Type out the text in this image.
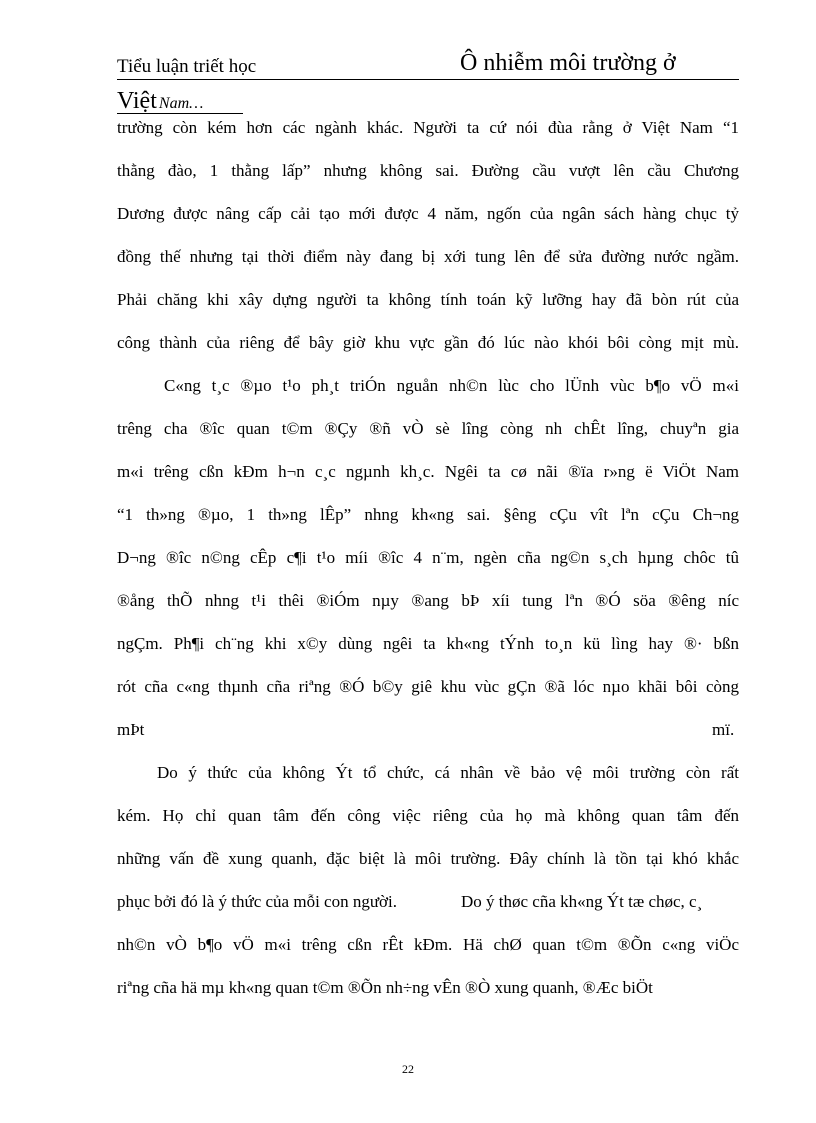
Tiểu luận triết học	Ô nhiễm môi trường ở
Việt Nam…
trường còn kém hơn các ngành khác. Người ta cứ nói đùa rằng ở Việt Nam “1
thằng đào, 1 thằng lấp” nhưng không sai. Đường cầu vượt lên cầu Chương
Dương được nâng cấp cải tạo mới được 4 năm, ngốn của ngân sách hàng chục tỷ
đồng thế nhưng tại thời điểm này đang bị xới tung lên để sửa đường nước ngầm.
Phải chăng khi xây dựng người ta không tính toán kỹ lưỡng hay đã bòn rút của
công thành của riêng để bây giờ khu vực gần đó lúc nào khói bôi còng mịt mù.
C«ng t¸c ®µo t¹o ph¸t triÓn nguån nh©n lùc cho lÜnh vùc b¶o vÖ m«i
trêng cha ®îc quan t©m ®Çy ®ñ vÒ sè lîng còng nh chÊt lîng, chuyªn gia
m«i trêng cßn kÐm h¬n c¸c ngµnh kh¸c. Ngêi ta cø nãi ®ïa r»ng ë ViÖt Nam
“1 th»ng ®µo, 1 th»ng lÊp” nhng kh«ng sai. §êng cÇu vît lªn cÇu Ch¬ng
D¬ng ®îc n©ng cÊp c¶i t¹o míi ®îc 4 n¨m, ngèn cña ng©n s¸ch hµng chôc tû
®ång thÕ nhng t¹i thêi ®iÓm nµy ®ang bÞ xíi tung lªn ®Ó söa ®êng níc
ngÇm. Ph¶i ch¨ng khi x©y dùng ngêi ta kh«ng tÝnh to¸n kü lìng hay ®· bßn
rót cña c«ng thµnh cña riªng ®Ó b©y giê khu vùc gÇn ®ã lóc nµo khãi bôi còng
mÞt	mï.
Do ý thức của không Ýt tổ chức, cá nhân về bảo vệ môi trường còn rất
kém. Họ chỉ quan tâm đến công việc riêng của họ mà không quan tâm đến
những vấn đề xung quanh, đặc biệt là môi trường. Đây chính là tồn tại khó khắc
phục bởi đó là ý thức của mỗi con người.	Do ý thøc cña kh«ng Ýt tæ chøc, c¸
nh©n vÒ b¶o vÖ m«i trêng cßn rÊt kÐm. Hä chØ quan t©m ®Õn c«ng viÖc
riªng cña hä mµ kh«ng quan t©m ®Õn nh÷ng vÊn ®Ò xung quanh, ®Æc biÖt
22
